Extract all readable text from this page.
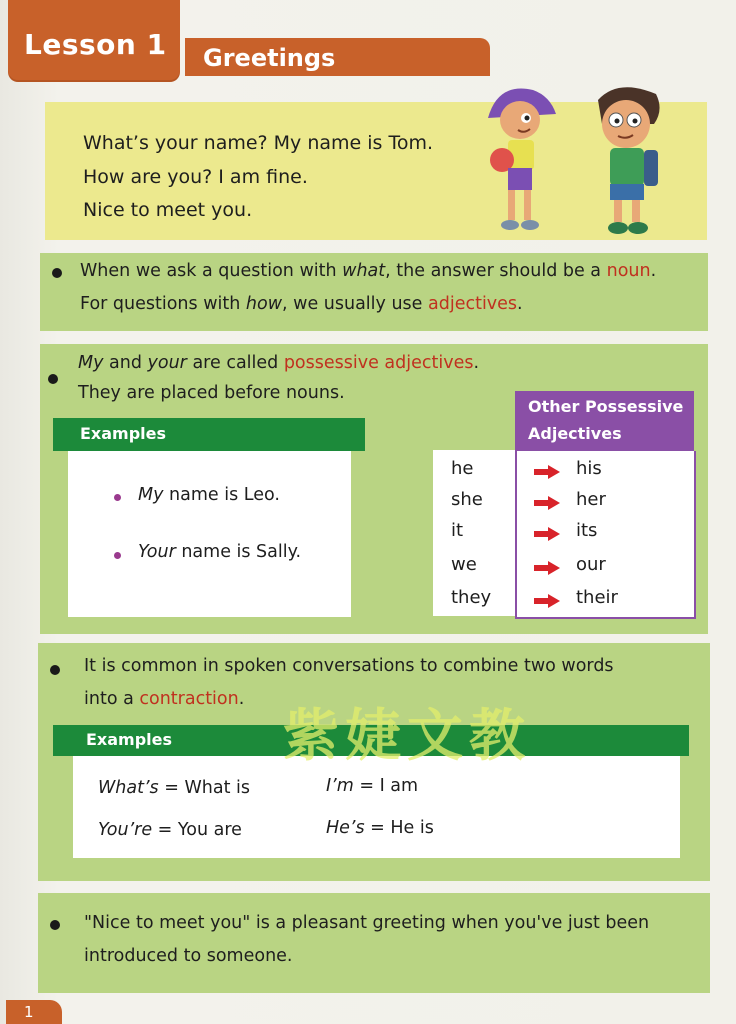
Lesson 1 Greetings
What’s your name? My name is Tom.
How are you? I am fine.
Nice to meet you.
When we ask a question with what, the answer should be a noun.
For questions with how, we usually use adjectives.
My and your are called possessive adjectives.
They are placed before nouns.
Examples
My name is Leo.
Your name is Sally.
Other Possessive
Adjectives
he	his
she	her
it	its
we	our
they	their
It is common in spoken conversations to combine two words
into a contraction.
Examples
What’s = What is	I’m = I am
You’re = You are	He’s = He is
紫婕文教
"Nice to meet you" is a pleasant greeting when you've just been
introduced to someone.
1
